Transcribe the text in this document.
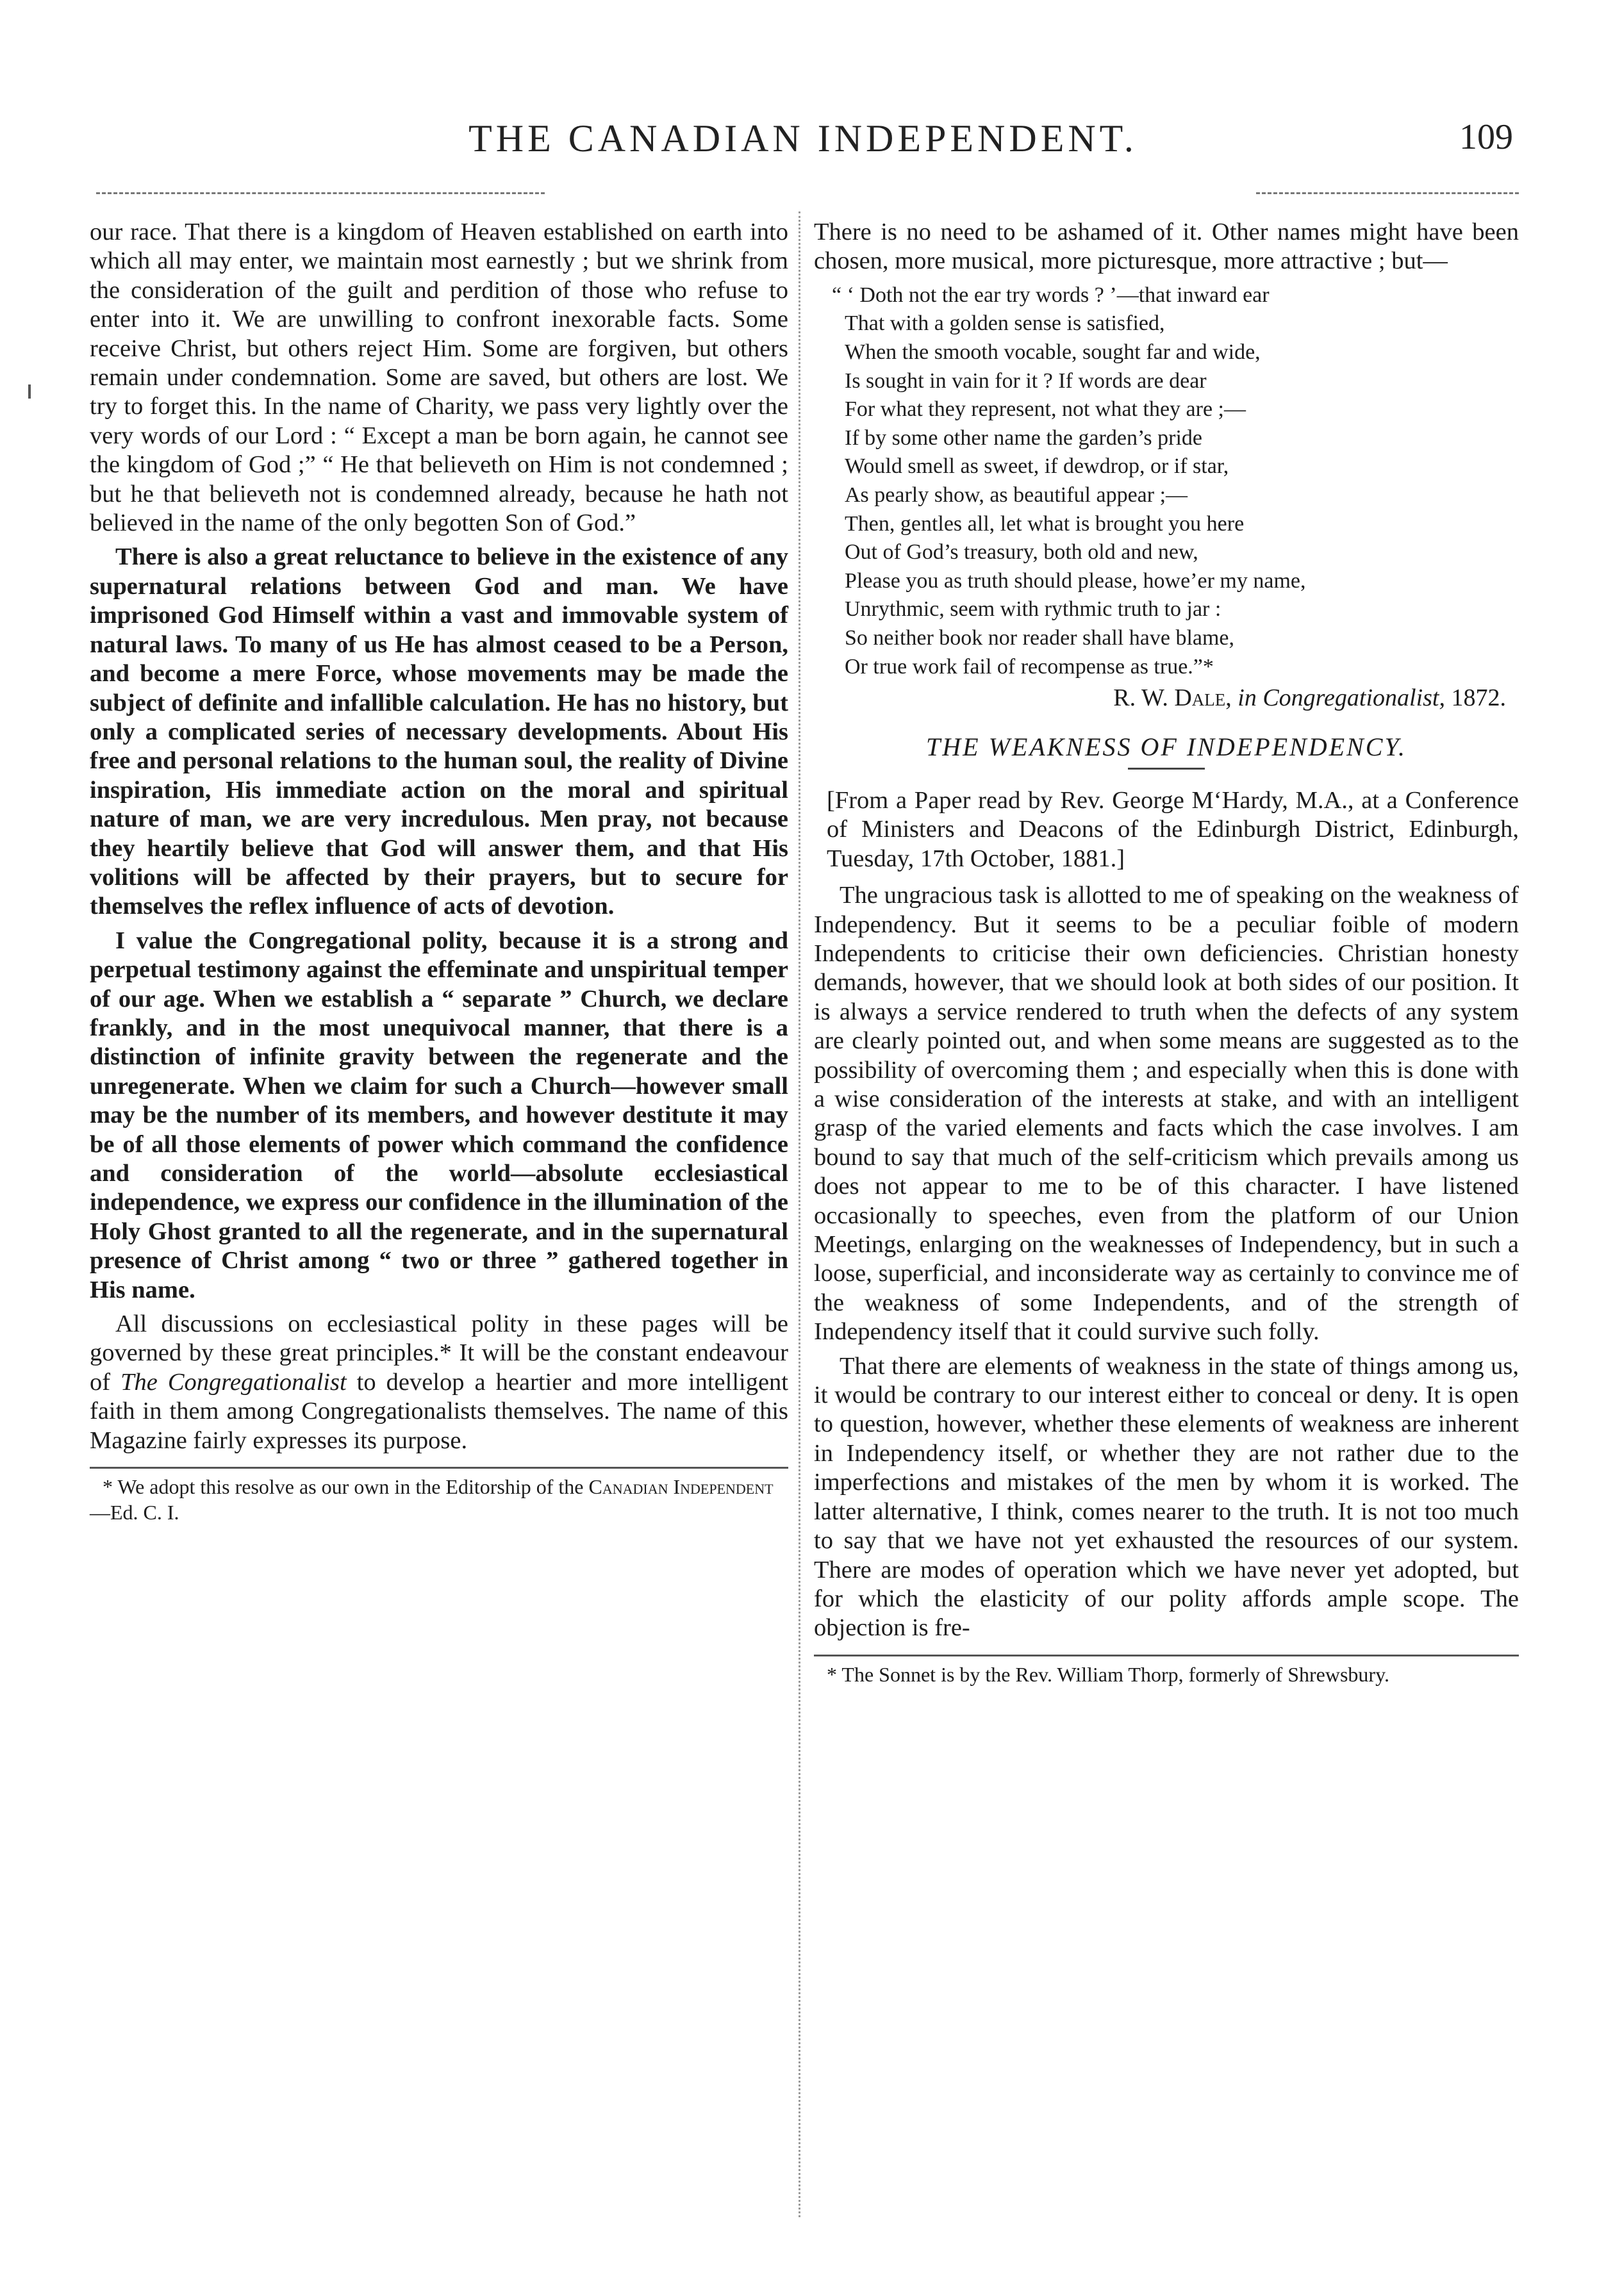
THE CANADIAN INDEPENDENT.	109

our race. That there is a kingdom of Heaven established on earth into which all may enter, we maintain most earnestly ; but we shrink from the consideration of the guilt and perdition of those who refuse to enter into it. We are unwilling to confront inexorable facts. Some receive Christ, but others reject Him. Some are forgiven, but others remain under condemnation. Some are saved, but others are lost. We try to forget this. In the name of Charity, we pass very lightly over the very words of our Lord : “ Except a man be born again, he cannot see the kingdom of God ;” “ He that believeth on Him is not condemned ; but he that believeth not is condemned already, because he hath not believed in the name of the only begotten Son of God.”

There is also a great reluctance to believe in the existence of any supernatural relations between God and man. We have imprisoned God Himself within a vast and immovable system of natural laws. To many of us He has almost ceased to be a Person, and become a mere Force, whose movements may be made the subject of definite and infallible calculation. He has no history, but only a complicated series of necessary developments. About His free and personal relations to the human soul, the reality of Divine inspiration, His immediate action on the moral and spiritual nature of man, we are very incredulous. Men pray, not because they heartily believe that God will answer them, and that His volitions will be affected by their prayers, but to secure for themselves the reflex influence of acts of devotion.

I value the Congregational polity, because it is a strong and perpetual testimony against the effeminate and unspiritual temper of our age. When we establish a “ separate ” Church, we declare frankly, and in the most unequivocal manner, that there is a distinction of infinite gravity between the regenerate and the unregenerate. When we claim for such a Church—however small may be the number of its members, and however destitute it may be of all those elements of power which command the confidence and consideration of the world—absolute ecclesiastical independence, we express our confidence in the illumination of the Holy Ghost granted to all the regenerate, and in the supernatural presence of Christ among “ two or three ” gathered together in His name.

All discussions on ecclesiastical polity in these pages will be governed by these great principles.* It will be the constant endeavour of The Congregationalist to develop a heartier and more intelligent faith in them among Congregationalists themselves. The name of this Magazine fairly expresses its purpose.

* We adopt this resolve as our own in the Editorship of the Canadian Independent —Ed. C. I.

There is no need to be ashamed of it. Other names might have been chosen, more musical, more picturesque, more attractive ; but—

“ ‘ Doth not the ear try words ? ’—that inward ear
That with a golden sense is satisfied,
When the smooth vocable, sought far and wide,
Is sought in vain for it ? If words are dear
For what they represent, not what they are ;—
If by some other name the garden’s pride
Would smell as sweet, if dewdrop, or if star,
As pearly show, as beautiful appear ;—
Then, gentles all, let what is brought you here
Out of God’s treasury, both old and new,
Please you as truth should please, howe’er my name,
Unrythmic, seem with rythmic truth to jar :
So neither book nor reader shall have blame,
Or true work fail of recompense as true.”*
R. W. Dale, in Congregationalist, 1872.
THE WEAKNESS OF INDEPENDENCY.

[From a Paper read by Rev. George M‘Hardy, M.A., at a Conference of Ministers and Deacons of the Edinburgh District, Edinburgh, Tuesday, 17th October, 1881.]

The ungracious task is allotted to me of speaking on the weakness of Independency. But it seems to be a peculiar foible of modern Independents to criticise their own deficiencies. Christian honesty demands, however, that we should look at both sides of our position. It is always a service rendered to truth when the defects of any system are clearly pointed out, and when some means are suggested as to the possibility of overcoming them ; and especially when this is done with a wise consideration of the interests at stake, and with an intelligent grasp of the varied elements and facts which the case involves. I am bound to say that much of the self-criticism which prevails among us does not appear to me to be of this character. I have listened occasionally to speeches, even from the platform of our Union Meetings, enlarging on the weaknesses of Independency, but in such a loose, superficial, and inconsiderate way as certainly to convince me of the weakness of some Independents, and of the strength of Independency itself that it could survive such folly.

That there are elements of weakness in the state of things among us, it would be contrary to our interest either to conceal or deny. It is open to question, however, whether these elements of weakness are inherent in Independency itself, or whether they are not rather due to the imperfections and mistakes of the men by whom it is worked. The latter alternative, I think, comes nearer to the truth. It is not too much to say that we have not yet exhausted the resources of our system. There are modes of operation which we have never yet adopted, but for which the elasticity of our polity affords ample scope. The objection is fre-

* The Sonnet is by the Rev. William Thorp, formerly of Shrewsbury.
